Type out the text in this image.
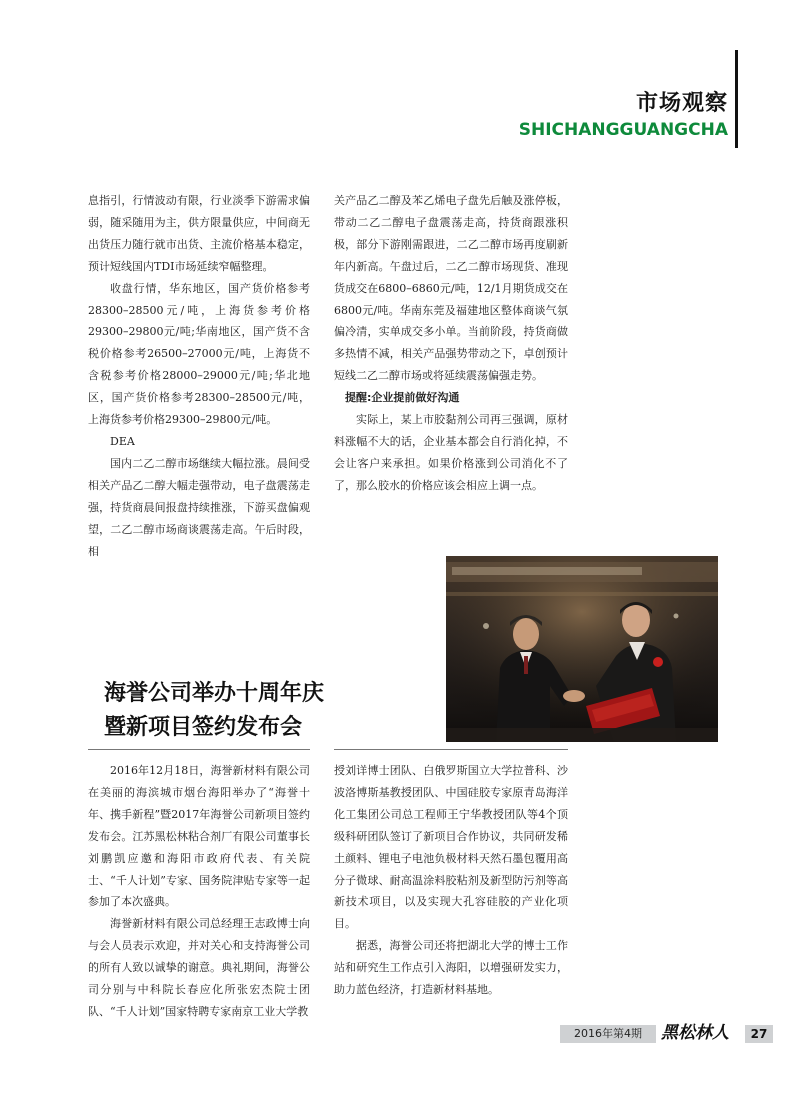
市场观察
SHICHANGGUANGCHA

息指引，行情波动有限，行业淡季下游需求偏弱，随采随用为主，供方限量供应，中间商无出货压力随行就市出货、主流价格基本稳定，预计短线国内TDI市场延续窄幅整理。

收盘行情，华东地区，国产货价格参考28300–28500元/吨，上海货参考价格29300–29800元/吨;华南地区，国产货不含税价格参考26500–27000元/吨，上海货不含税参考价格28000–29000元/吨;华北地区，国产货价格参考28300–28500元/吨，上海货参考价格29300–29800元/吨。

DEA

国内二乙二醇市场继续大幅拉涨。晨间受相关产品乙二醇大幅走强带动，电子盘震荡走强，持货商晨间报盘持续推涨，下游买盘偏观望，二乙二醇市场商谈震荡走高。午后时段，相

关产品乙二醇及苯乙烯电子盘先后触及涨停板，带动二乙二醇电子盘震荡走高，持货商跟涨积极，部分下游刚需跟进，二乙二醇市场再度刷新年内新高。午盘过后，二乙二醇市场现货、准现货成交在6800–6860元/吨，12/1月期货成交在6800元/吨。华南东莞及福建地区整体商谈气氛偏冷清，实单成交多小单。当前阶段，持货商做多热情不减，相关产品强势带动之下，卓创预计短线二乙二醇市场或将延续震荡偏强走势。

提醒:企业提前做好沟通

实际上，某上市胶黏剂公司再三强调，原材料涨幅不大的话，企业基本都会自行消化掉，不会让客户来承担。如果价格涨到公司消化不了了，那么胶水的价格应该会相应上调一点。

海誉公司举办十周年庆
暨新项目签约发布会

2016年12月18日，海誉新材料有限公司在美丽的海滨城市烟台海阳举办了“海誉十年、携手新程”暨2017年海誉公司新项目签约发布会。江苏黑松林粘合剂厂有限公司董事长刘鹏凯应邀和海阳市政府代表、有关院士、“千人计划”专家、国务院津贴专家等一起参加了本次盛典。

海誉新材料有限公司总经理王志政博士向与会人员表示欢迎，并对关心和支持海誉公司的所有人致以诚挚的谢意。典礼期间，海誉公司分别与中科院长春应化所张宏杰院士团队、“千人计划”国家特聘专家南京工业大学教

授刘详博士团队、白俄罗斯国立大学拉普科、沙波洛博斯基教授团队、中国硅胶专家原青岛海洋化工集团公司总工程师王宁华教授团队等4个顶级科研团队签订了新项目合作协议，共同研发稀土颜料、锂电子电池负极材料天然石墨包覆用高分子微球、耐高温涂料胶粘剂及新型防污剂等高新技术项目，以及实现大孔容硅胶的产业化项目。

据悉，海誉公司还将把湖北大学的博士工作站和研究生工作点引入海阳，以增强研发实力，助力蓝色经济，打造新材料基地。

2016年第4期	黑松林人	27
